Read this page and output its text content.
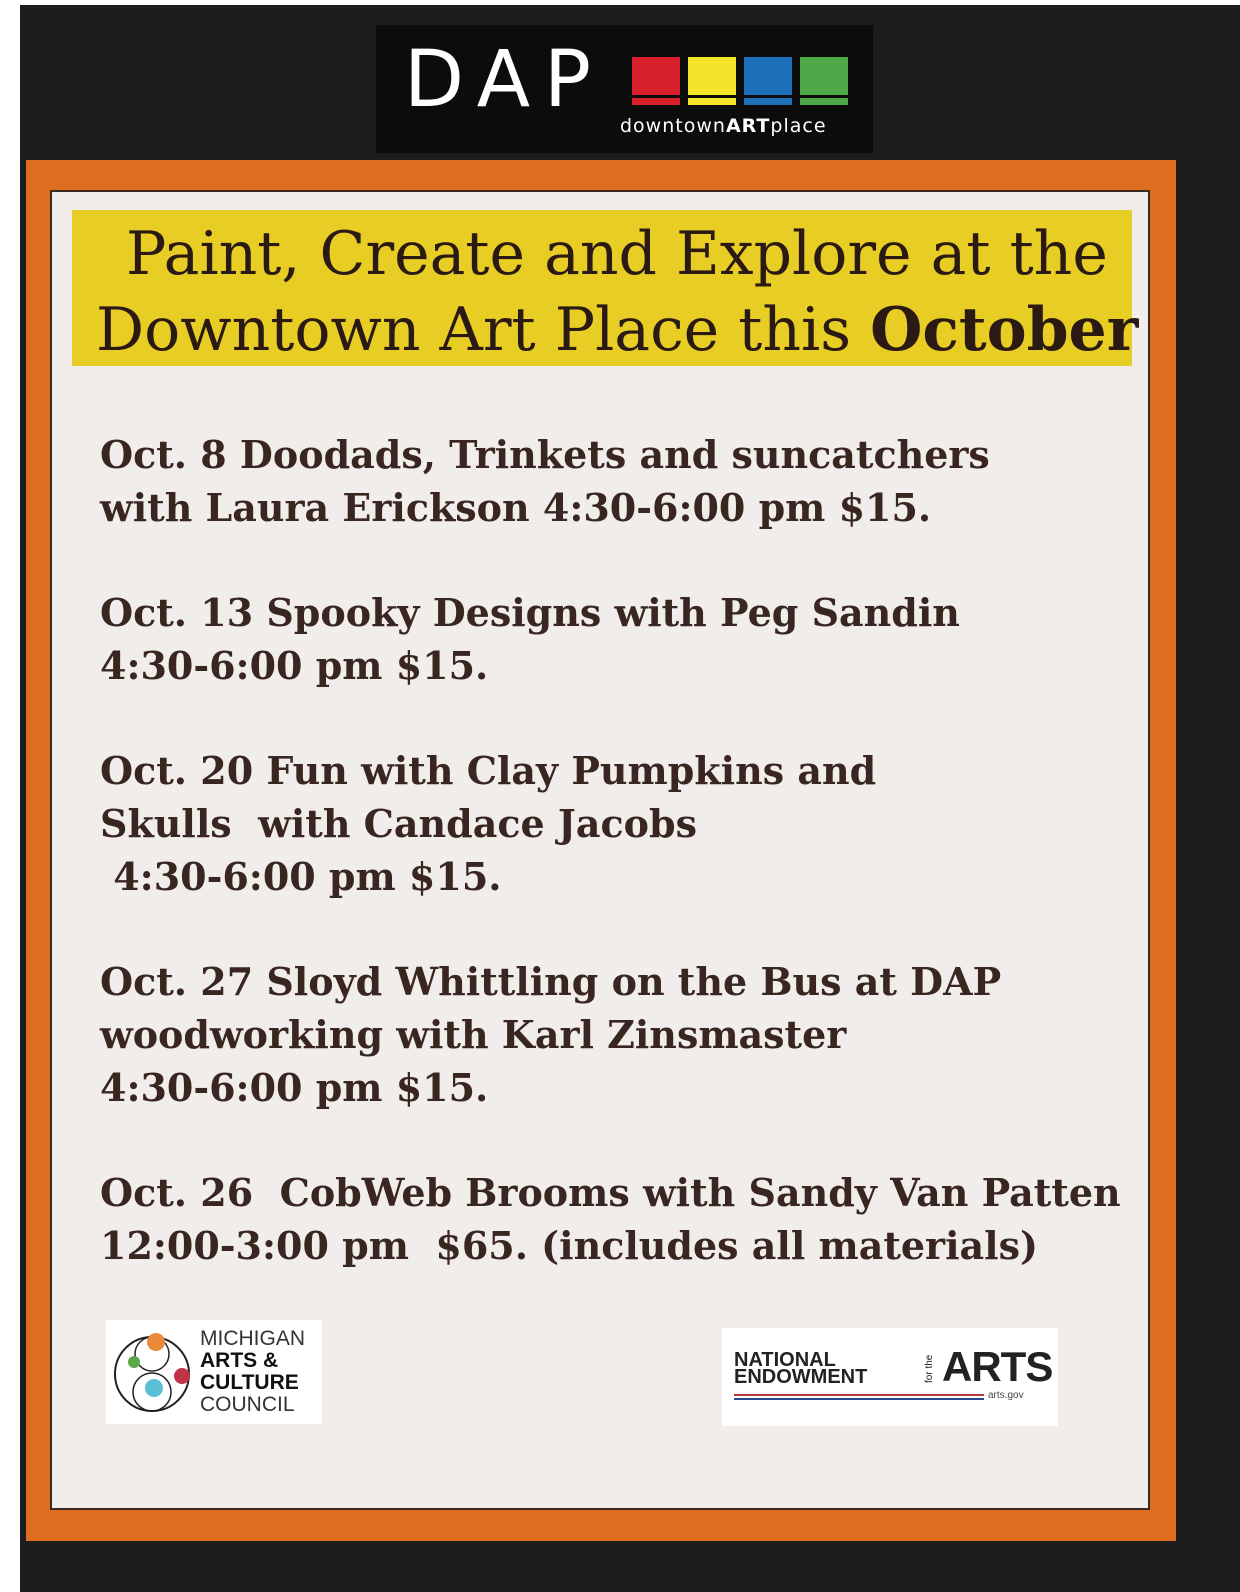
DAP
downtownARTplace
Paint, Create and Explore at the
Downtown Art Place this October

Oct. 8 Doodads, Trinkets and suncatchers

with Laura Erickson 4:30-6:00 pm $15.

Oct. 13 Spooky Designs with Peg Sandin

4:30-6:00 pm $15.

Oct. 20 Fun with Clay Pumpkins and

Skulls  with Candace Jacobs

4:30-6:00 pm $15.

Oct. 27 Sloyd Whittling on the Bus at DAP

woodworking with Karl Zinsmaster

4:30-6:00 pm $15.

Oct. 26  CobWeb Brooms with Sandy Van Patten

12:00-3:00 pm  $65. (includes all materials)

MICHIGAN
ARTS &
CULTURE
COUNCIL
NATIONAL
ENDOWMENT	for the ARTS
arts.gov
